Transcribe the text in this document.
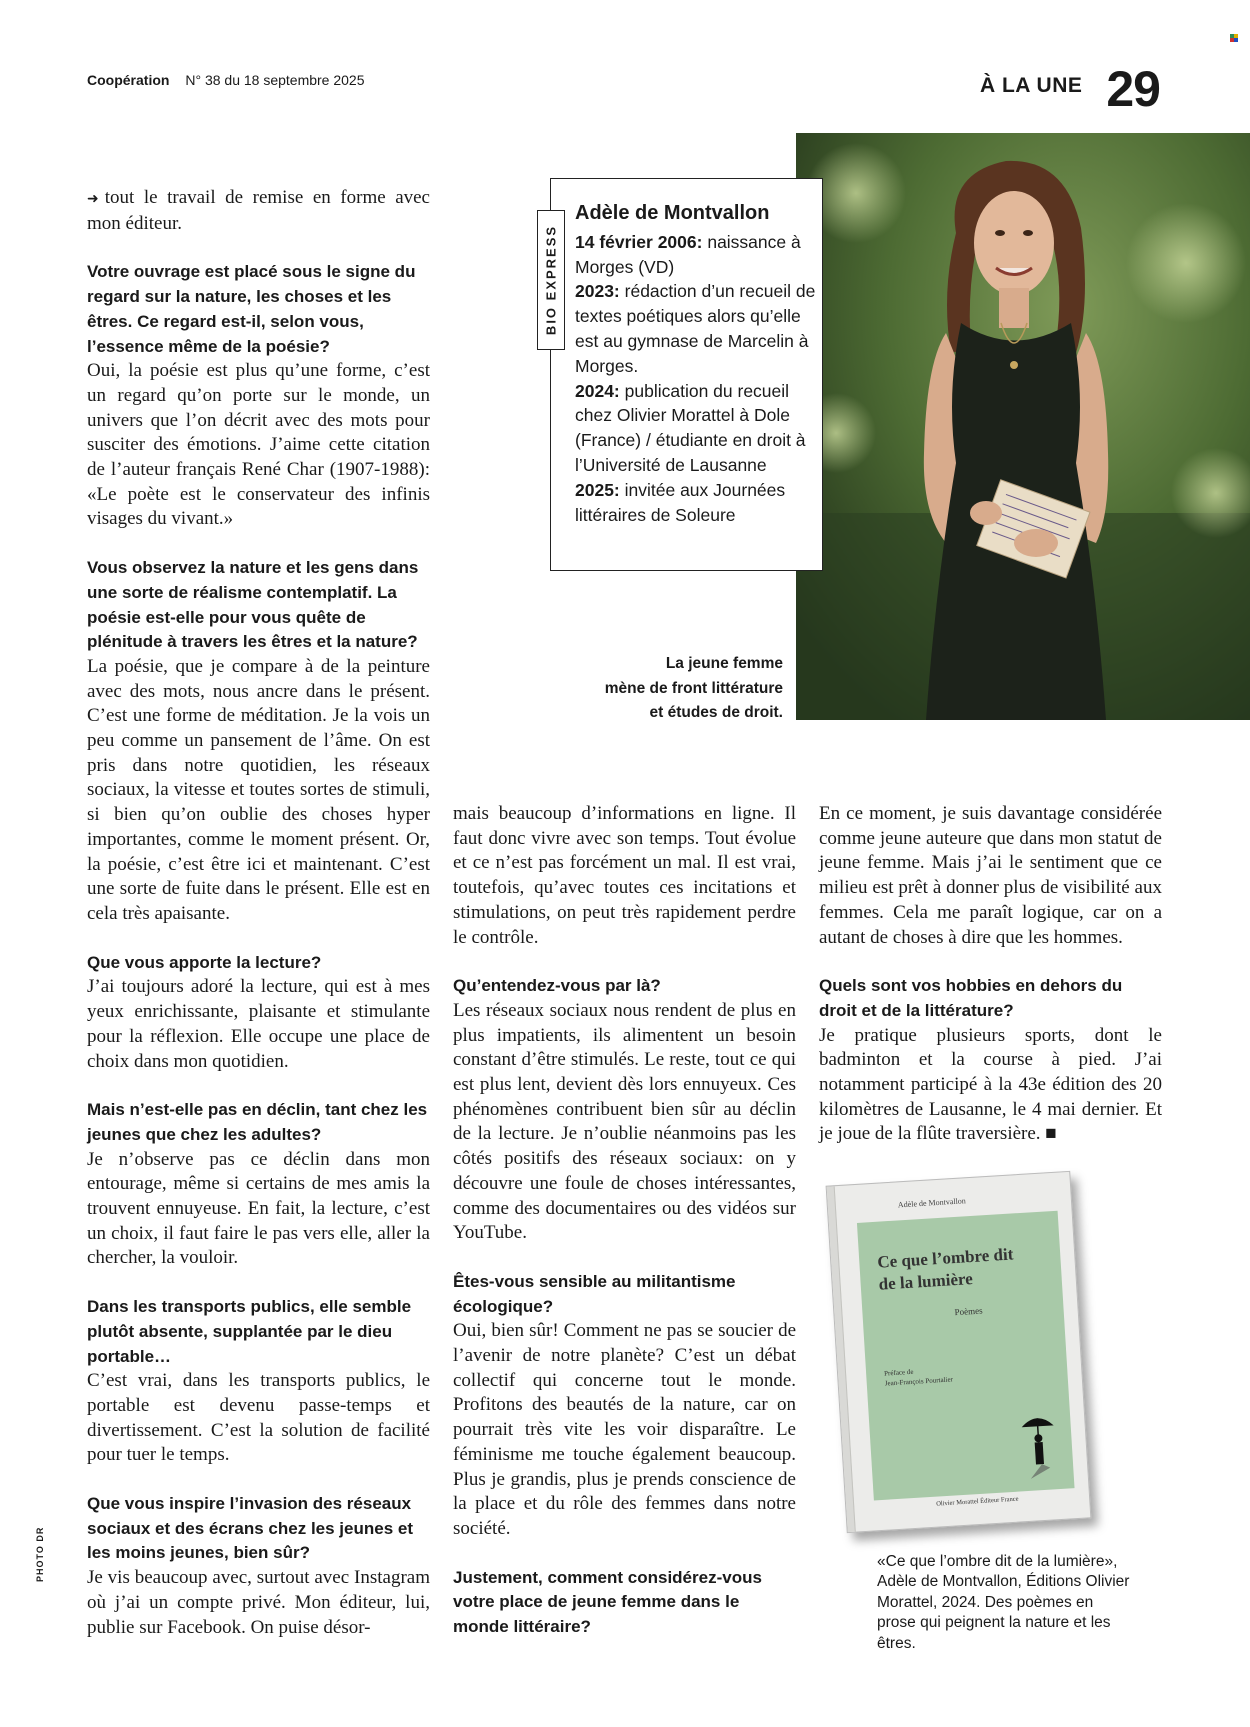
Coopération N° 38 du 18 septembre 2025	À LA UNE 29
Adèle de Montvallon
14 février 2006: naissance à Morges (VD)
2023: rédaction d’un recueil de textes poétiques alors qu’elle est au gymnase de Marcelin à Morges.
2024: publication du recueil chez Olivier Morattel à Dole (France) / étudiante en droit à l’Université de Lausanne
2025: invitée aux Journées littéraires de Soleure
BIO EXPRESS
La jeune femme
mène de front littérature
et études de droit.

➜ tout le travail de remise en forme avec mon éditeur.

Votre ouvrage est placé sous le signe du regard sur la nature, les choses et les êtres. Ce regard est-il, selon vous, l’essence même de la poésie?

Oui, la poésie est plus qu’une forme, c’est un regard qu’on porte sur le monde, un univers que l’on décrit avec des mots pour susciter des émotions. J’aime cette citation de l’auteur français René Char (1907-1988): «Le poète est le conservateur des infinis visages du vivant.»

Vous observez la nature et les gens dans une sorte de réalisme contemplatif. La poésie est-elle pour vous quête de plénitude à travers les êtres et la nature?

La poésie, que je compare à de la peinture avec des mots, nous ancre dans le présent. C’est une forme de méditation. Je la vois un peu comme un pansement de l’âme. On est pris dans notre quotidien, les réseaux sociaux, la vitesse et toutes sortes de stimuli, si bien qu’on oublie des choses hyper importantes, comme le moment présent. Or, la poésie, c’est être ici et maintenant. C’est une sorte de fuite dans le présent. Elle est en cela très apaisante.

Que vous apporte la lecture?

J’ai toujours adoré la lecture, qui est à mes yeux enrichissante, plaisante et stimulante pour la réflexion. Elle occupe une place de choix dans mon quotidien.

Mais n’est-elle pas en déclin, tant chez les jeunes que chez les adultes?

Je n’observe pas ce déclin dans mon entourage, même si certains de mes amis la trouvent ennuyeuse. En fait, la lecture, c’est un choix, il faut faire le pas vers elle, aller la chercher, la vouloir.

Dans les transports publics, elle semble plutôt absente, supplantée par le dieu portable…

C’est vrai, dans les transports publics, le portable est devenu passe-temps et divertissement. C’est la solution de facilité pour tuer le temps.

Que vous inspire l’invasion des réseaux sociaux et des écrans chez les jeunes et les moins jeunes, bien sûr?

Je vis beaucoup avec, surtout avec Instagram où j’ai un compte privé. Mon éditeur, lui, publie sur Facebook. On puise désor-

mais beaucoup d’informations en ligne. Il faut donc vivre avec son temps. Tout évolue et ce n’est pas forcément un mal. Il est vrai, toutefois, qu’avec toutes ces incitations et stimulations, on peut très rapidement perdre le contrôle.

Qu’entendez-vous par là?

Les réseaux sociaux nous rendent de plus en plus impatients, ils alimentent un besoin constant d’être stimulés. Le reste, tout ce qui est plus lent, devient dès lors ennuyeux. Ces phénomènes contribuent bien sûr au déclin de la lecture. Je n’oublie néanmoins pas les côtés positifs des réseaux sociaux: on y découvre une foule de choses intéressantes, comme des documentaires ou des vidéos sur YouTube.

Êtes-vous sensible au militantisme écologique?

Oui, bien sûr! Comment ne pas se soucier de l’avenir de notre planète? C’est un débat collectif qui concerne tout le monde. Profitons des beautés de la nature, car on pourrait très vite les voir disparaître. Le féminisme me touche également beaucoup. Plus je grandis, plus je prends conscience de la place et du rôle des femmes dans notre société.

Justement, comment considérez-vous votre place de jeune femme dans le monde littéraire?

En ce moment, je suis davantage considérée comme jeune auteure que dans mon statut de jeune femme. Mais j’ai le sentiment que ce milieu est prêt à donner plus de visibilité aux femmes. Cela me paraît logique, car on a autant de choses à dire que les hommes.

Quels sont vos hobbies en dehors du droit et de la littérature?

Je pratique plusieurs sports, dont le badminton et la course à pied. J’ai notamment participé à la 43e édition des 20 kilomètres de Lausanne, le 4 mai dernier. Et je joue de la flûte traversière. ■

Adèle de Montvallon
Ce que l’ombre dit
de la lumière
Poèmes
Préface de
Jean-François Pourtalier
Olivier Morattel Éditeur France
«Ce que l’ombre dit de la lumière», Adèle de Montvallon, Éditions Olivier Morattel, 2024. Des poèmes en prose qui peignent la nature et les êtres.
PHOTO DR
